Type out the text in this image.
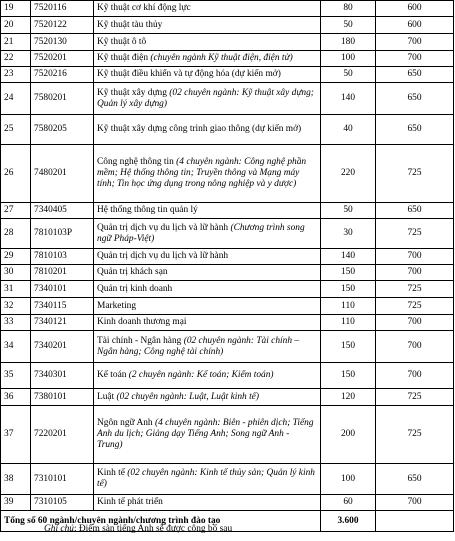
19	7520116	Kỹ thuật cơ khí động lực	80	600
20	7520122	Kỹ thuật tàu thủy	50	600
21	7520130	Kỹ thuật ô tô	180	700
22	7520201	Kỹ thuật điện (chuyên ngành Kỹ thuật điện, điện tử)	100	700
23	7520216	Kỹ thuật điều khiển và tự động hóa (dự kiến mở)	50	650
24	7580201	Kỹ thuật xây dựng (02 chuyên ngành: Kỹ thuật xây dựng; Quản lý xây dựng)	140	650
25	7580205	Kỹ thuật xây dựng công trình giao thông (dự kiến mở)	40	650
26	7480201	Công nghệ thông tin (4 chuyên ngành: Công nghệ phần mềm; Hệ thống thông tin; Truyền thông và Mạng máy tính; Tin học ứng dụng trong nông nghiệp và y dược)	220	725
27	7340405	Hệ thống thông tin quản lý	50	650
28	7810103P	Quản trị dịch vụ du lịch và lữ hành (Chương trình song ngữ Pháp-Việt)	30	725
29	7810103	Quản trị dịch vụ du lịch và lữ hành	140	700
30	7810201	Quản trị khách sạn	150	700
31	7340101	Quản trị kinh doanh	150	725
32	7340115	Marketing	110	725
33	7340121	Kinh doanh thương mại	110	700
34	7340201	Tài chính - Ngân hàng (02 chuyên ngành: Tài chính – Ngân hàng; Công nghệ tài chính)	150	700
35	7340301	Kế toán (2 chuyên ngành: Kế toán; Kiểm toán)	150	700
36	7380101	Luật (02 chuyên ngành: Luật, Luật kinh tế)	120	725
37	7220201	Ngôn ngữ Anh (4 chuyên ngành: Biên - phiên dịch; Tiếng Anh du lịch; Giảng dạy Tiếng Anh; Song ngữ Anh - Trung)	200	725
38	7310101	Kinh tế (02 chuyên ngành: Kinh tế thủy sản; Quản lý kinh tế)	100	650
39	7310105	Kinh tế phát triển	60	700
Tổng số 60 ngành/chuyên ngành/chương trình đào tạo			3.600	
Ghi chú: Điểm sàn tiếng Anh sẽ được công bố sau
